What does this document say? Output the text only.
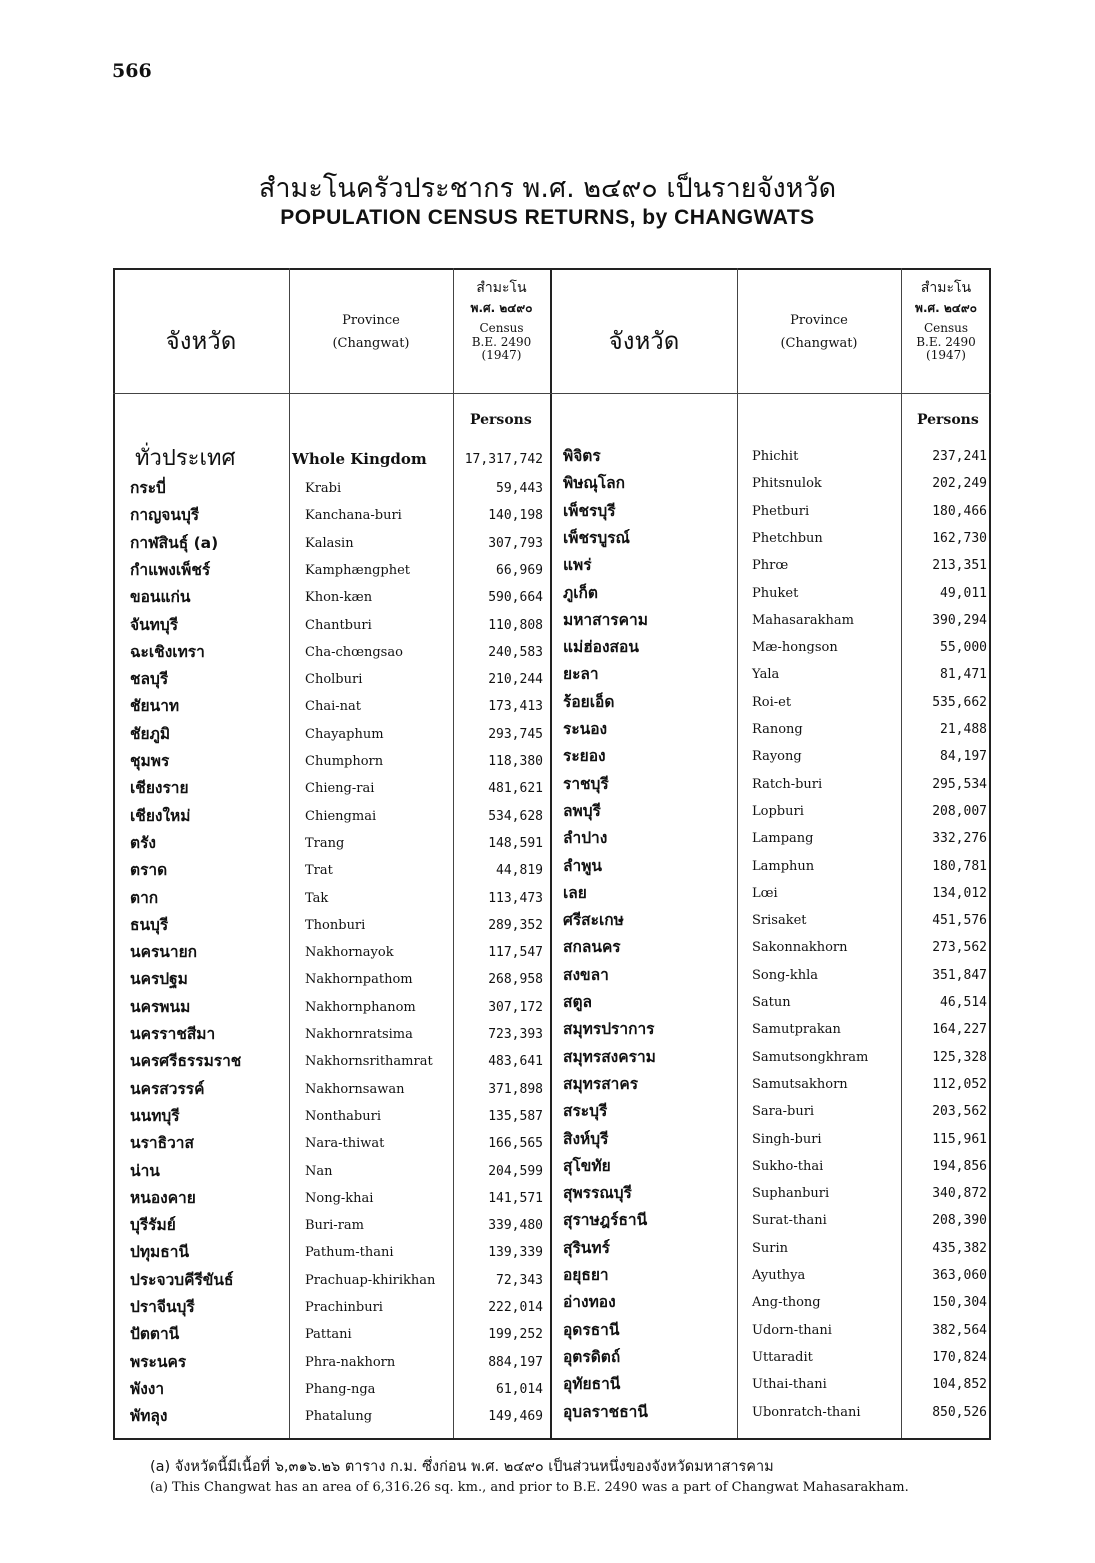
566
สำมะโนครัวประชากร พ.ศ. ๒๔๙๐ เป็นรายจังหวัด
POPULATION CENSUS RETURNS, by CHANGWATS
จังหวัด
Province
(Changwat)
สำมะโน
พ.ศ. ๒๔๙๐
Census
B.E. 2490
(1947)
Persons
จังหวัด
Province
(Changwat)
สำมะโน
พ.ศ. ๒๔๙๐
Census
B.E. 2490
(1947)
Persons
ทั่วประเทศ	Whole Kingdom	17,317,742
กระบี่	Krabi	59,443
กาญจนบุรี	Kanchana-buri	140,198
กาฬสินธุ์ (a)	Kalasin	307,793
กำแพงเพ็ชร์	Kamphængphet	66,969
ขอนแก่น	Khon-kæn	590,664
จันทบุรี	Chantburi	110,808
ฉะเชิงเทรา	Cha-chœngsao	240,583
ชลบุรี	Cholburi	210,244
ชัยนาท	Chai-nat	173,413
ชัยภูมิ	Chayaphum	293,745
ชุมพร	Chumphorn	118,380
เชียงราย	Chieng-rai	481,621
เชียงใหม่	Chiengmai	534,628
ตรัง	Trang	148,591
ตราด	Trat	44,819
ตาก	Tak	113,473
ธนบุรี	Thonburi	289,352
นครนายก	Nakhornayok	117,547
นครปฐม	Nakhornpathom	268,958
นครพนม	Nakhornphanom	307,172
นครราชสีมา	Nakhornratsima	723,393
นครศรีธรรมราช	Nakhornsrithamrat	483,641
นครสวรรค์	Nakhornsawan	371,898
นนทบุรี	Nonthaburi	135,587
นราธิวาส	Nara-thiwat	166,565
น่าน	Nan	204,599
หนองคาย	Nong-khai	141,571
บุรีรัมย์	Buri-ram	339,480
ปทุมธานี	Pathum-thani	139,339
ประจวบคีรีขันธ์	Prachuap-khirikhan	72,343
ปราจีนบุรี	Prachinburi	222,014
ปัตตานี	Pattani	199,252
พระนคร	Phra-nakhorn	884,197
พังงา	Phang-nga	61,014
พัทลุง	Phatalung	149,469
พิจิตร	Phichit	237,241
พิษณุโลก	Phitsnulok	202,249
เพ็ชรบุรี	Phetburi	180,466
เพ็ชรบูรณ์	Phetchbun	162,730
แพร่	Phrœ	213,351
ภูเก็ต	Phuket	49,011
มหาสารคาม	Mahasarakham	390,294
แม่ฮ่องสอน	Mæ-hongson	55,000
ยะลา	Yala	81,471
ร้อยเอ็ด	Roi-et	535,662
ระนอง	Ranong	21,488
ระยอง	Rayong	84,197
ราชบุรี	Ratch-buri	295,534
ลพบุรี	Lopburi	208,007
ลำปาง	Lampang	332,276
ลำพูน	Lamphun	180,781
เลย	Lœi	134,012
ศรีสะเกษ	Srisaket	451,576
สกลนคร	Sakonnakhorn	273,562
สงขลา	Song-khla	351,847
สตูล	Satun	46,514
สมุทรปราการ	Samutprakan	164,227
สมุทรสงคราม	Samutsongkhram	125,328
สมุทรสาคร	Samutsakhorn	112,052
สระบุรี	Sara-buri	203,562
สิงห์บุรี	Singh-buri	115,961
สุโขทัย	Sukho-thai	194,856
สุพรรณบุรี	Suphanburi	340,872
สุราษฎร์ธานี	Surat-thani	208,390
สุรินทร์	Surin	435,382
อยุธยา	Ayuthya	363,060
อ่างทอง	Ang-thong	150,304
อุดรธานี	Udorn-thani	382,564
อุตรดิตถ์	Uttaradit	170,824
อุทัยธานี	Uthai-thani	104,852
อุบลราชธานี	Ubonratch-thani	850,526
(a) จังหวัดนี้มีเนื้อที่ ๖,๓๑๖.๒๖ ตาราง ก.ม. ซึ่งก่อน พ.ศ. ๒๔๙๐ เป็นส่วนหนึ่งของจังหวัดมหาสารคาม
(a) This Changwat has an area of 6,316.26 sq. km., and prior to B.E. 2490 was a part of Changwat Mahasarakham.
